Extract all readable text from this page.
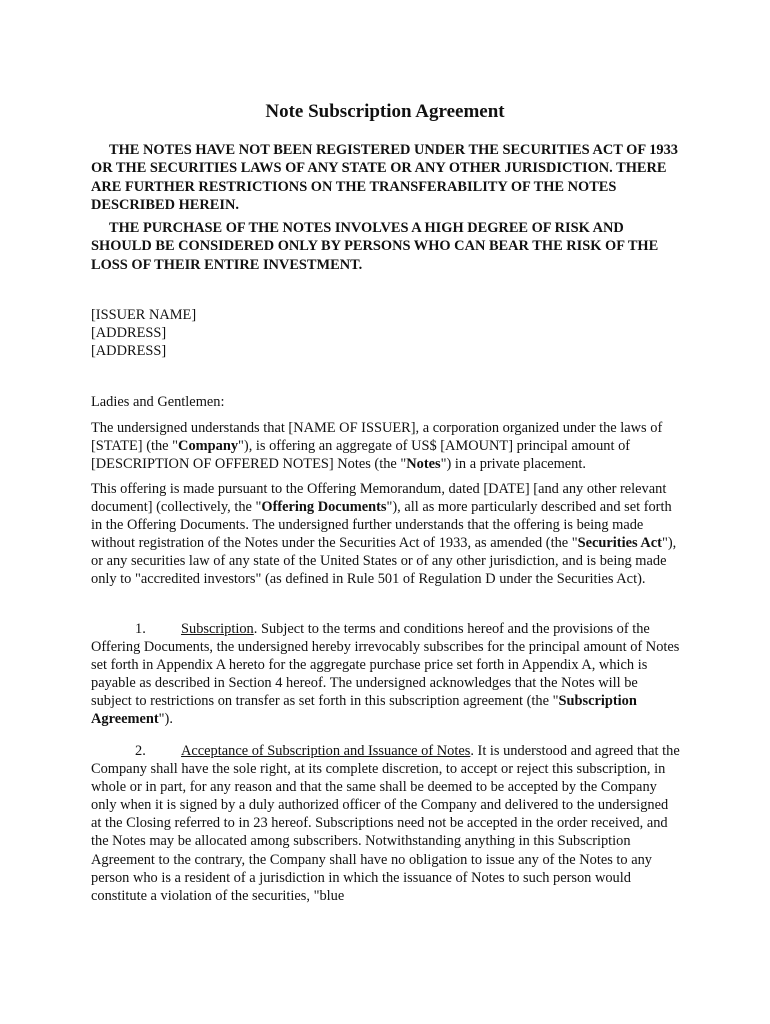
Note Subscription Agreement

THE NOTES HAVE NOT BEEN REGISTERED UNDER THE SECURITIES ACT OF 1933 OR THE SECURITIES LAWS OF ANY STATE OR ANY OTHER JURISDICTION. THERE ARE FURTHER RESTRICTIONS ON THE TRANSFERABILITY OF THE NOTES DESCRIBED HEREIN.

THE PURCHASE OF THE NOTES INVOLVES A HIGH DEGREE OF RISK AND SHOULD BE CONSIDERED ONLY BY PERSONS WHO CAN BEAR THE RISK OF THE LOSS OF THEIR ENTIRE INVESTMENT.

[ISSUER NAME]
[ADDRESS]
[ADDRESS]

Ladies and Gentlemen:

The undersigned understands that [NAME OF ISSUER], a corporation organized under the laws of [STATE] (the "Company"), is offering an aggregate of US$ [AMOUNT] principal amount of [DESCRIPTION OF OFFERED NOTES] Notes (the "Notes") in a private placement.

This offering is made pursuant to the Offering Memorandum, dated [DATE] [and any other relevant document] (collectively, the "Offering Documents"), all as more particularly described and set forth in the Offering Documents. The undersigned further understands that the offering is being made without registration of the Notes under the Securities Act of 1933, as amended (the "Securities Act"), or any securities law of any state of the United States or of any other jurisdiction, and is being made only to "accredited investors" (as defined in Rule 501 of Regulation D under the Securities Act).

1. Subscription. Subject to the terms and conditions hereof and the provisions of the Offering Documents, the undersigned hereby irrevocably subscribes for the principal amount of Notes set forth in Appendix A hereto for the aggregate purchase price set forth in Appendix A, which is payable as described in Section 4 hereof. The undersigned acknowledges that the Notes will be subject to restrictions on transfer as set forth in this subscription agreement (the "Subscription Agreement").

2. Acceptance of Subscription and Issuance of Notes. It is understood and agreed that the Company shall have the sole right, at its complete discretion, to accept or reject this subscription, in whole or in part, for any reason and that the same shall be deemed to be accepted by the Company only when it is signed by a duly authorized officer of the Company and delivered to the undersigned at the Closing referred to in 23 hereof. Subscriptions need not be accepted in the order received, and the Notes may be allocated among subscribers. Notwithstanding anything in this Subscription Agreement to the contrary, the Company shall have no obligation to issue any of the Notes to any person who is a resident of a jurisdiction in which the issuance of Notes to such person would constitute a violation of the securities, "blue
